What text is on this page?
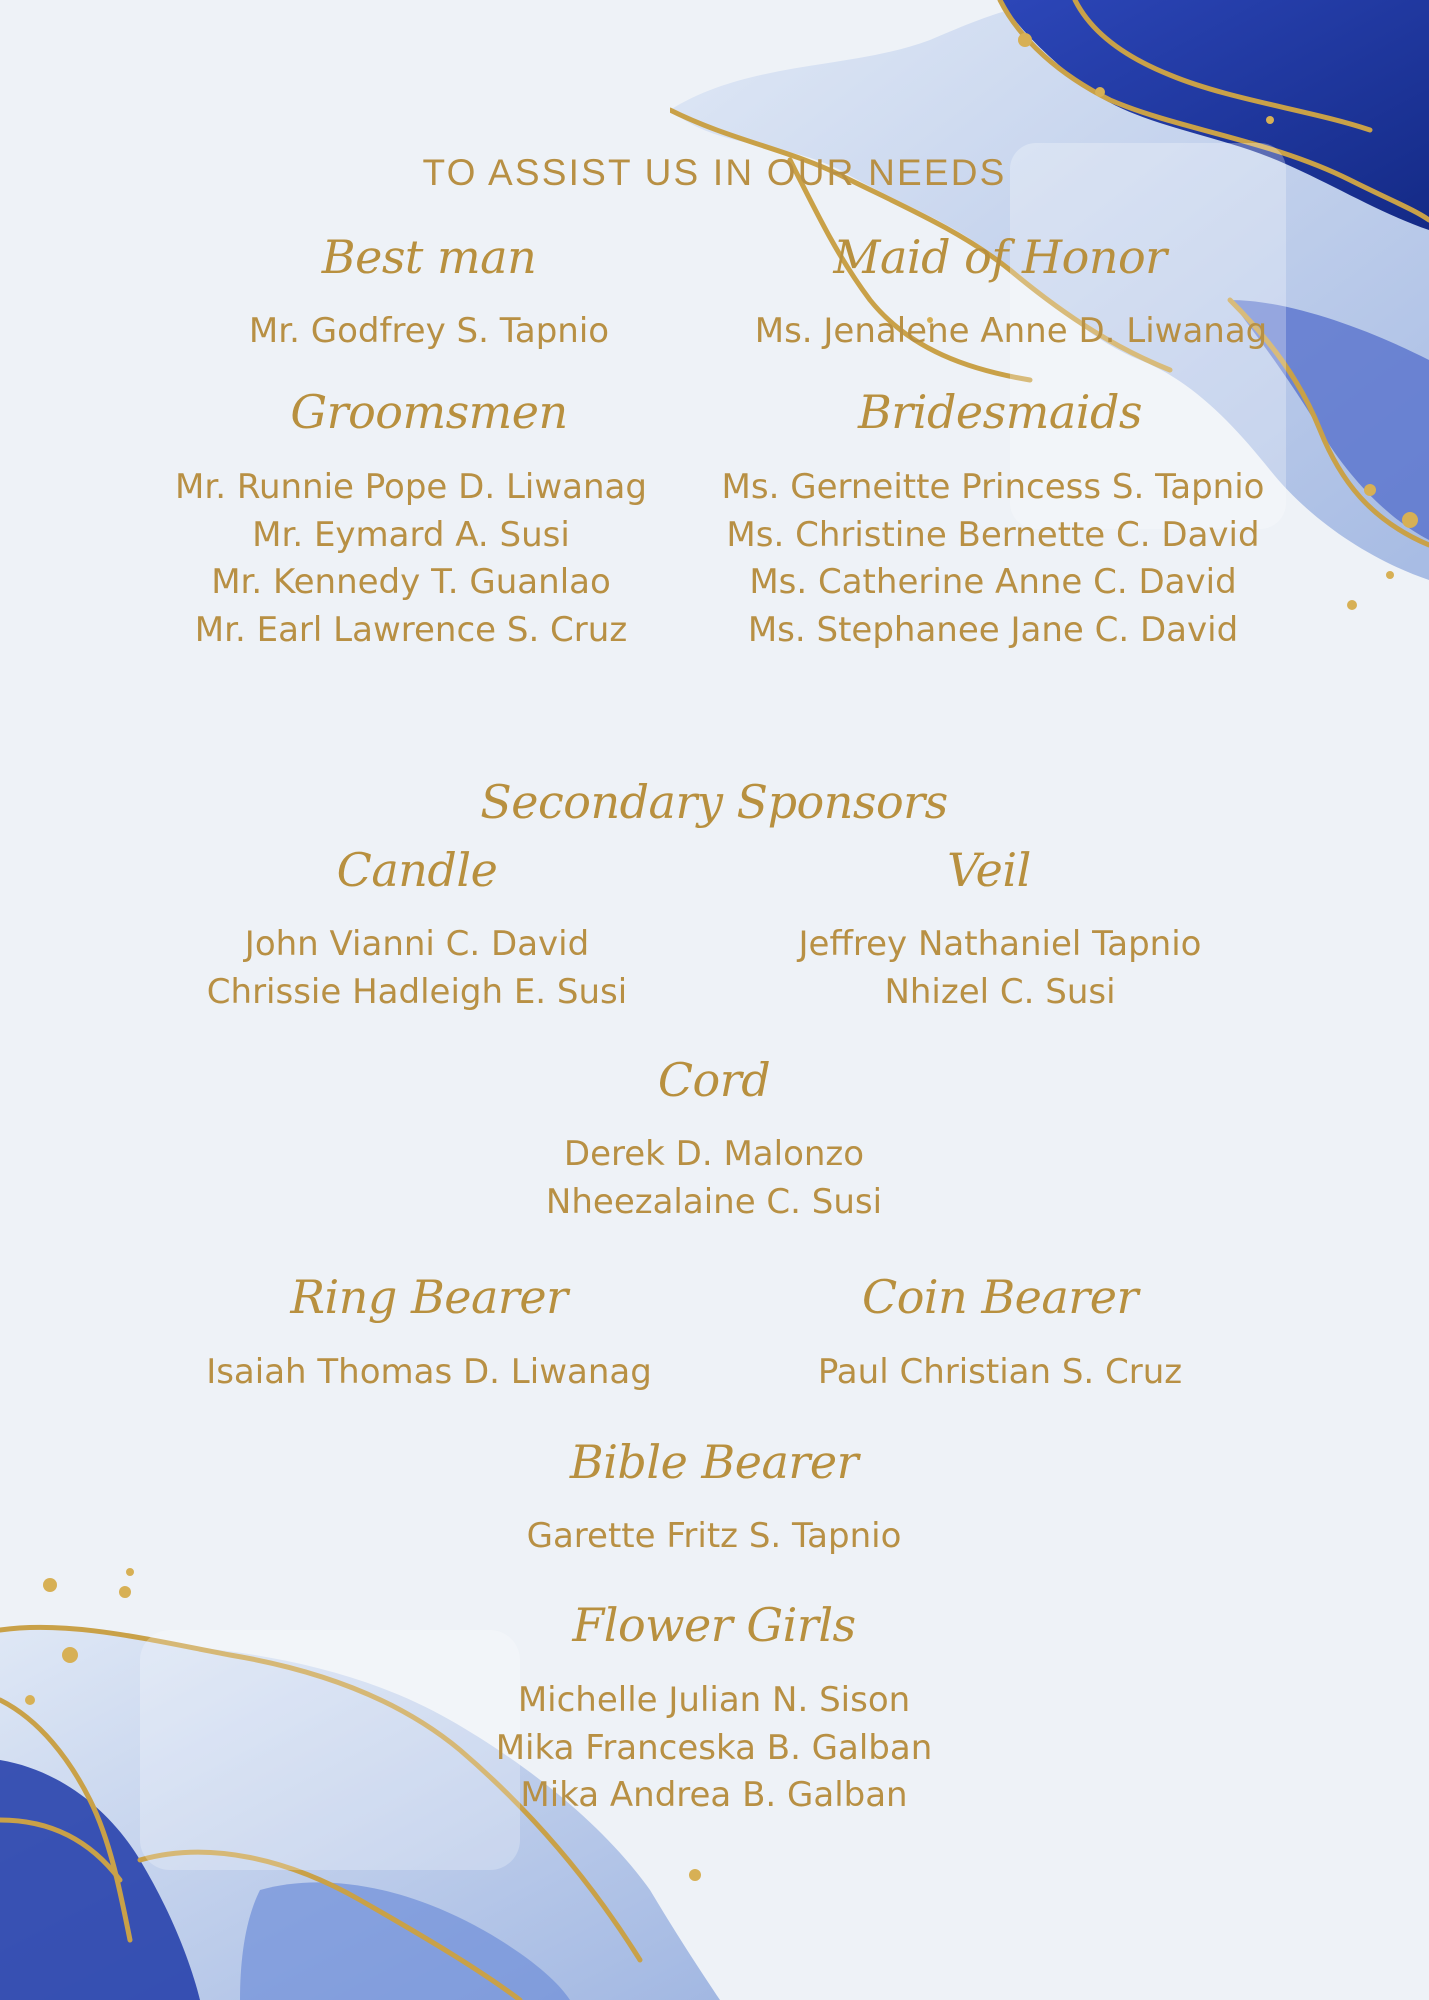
TO ASSIST US IN OUR NEEDS
Best man
Mr. Godfrey S. Tapnio
Maid of Honor
Ms. Jenalene Anne D. Liwanag
Groomsmen
Mr. Runnie Pope D. Liwanag
Mr. Eymard A. Susi
Mr. Kennedy T. Guanlao
Mr. Earl Lawrence S. Cruz
Bridesmaids
Ms. Gerneitte Princess S. Tapnio
Ms. Christine Bernette C. David
Ms. Catherine Anne C. David
Ms. Stephanee Jane C. David
Secondary Sponsors
Candle
John Vianni C. David
Chrissie Hadleigh E. Susi
Veil
Jeffrey Nathaniel Tapnio
Nhizel C. Susi
Cord
Derek D. Malonzo
Nheezalaine C. Susi
Ring Bearer
Isaiah Thomas D. Liwanag
Coin Bearer
Paul Christian S. Cruz
Bible Bearer
Garette Fritz S. Tapnio
Flower Girls
Michelle Julian N. Sison
Mika Franceska B. Galban
Mika Andrea B. Galban
